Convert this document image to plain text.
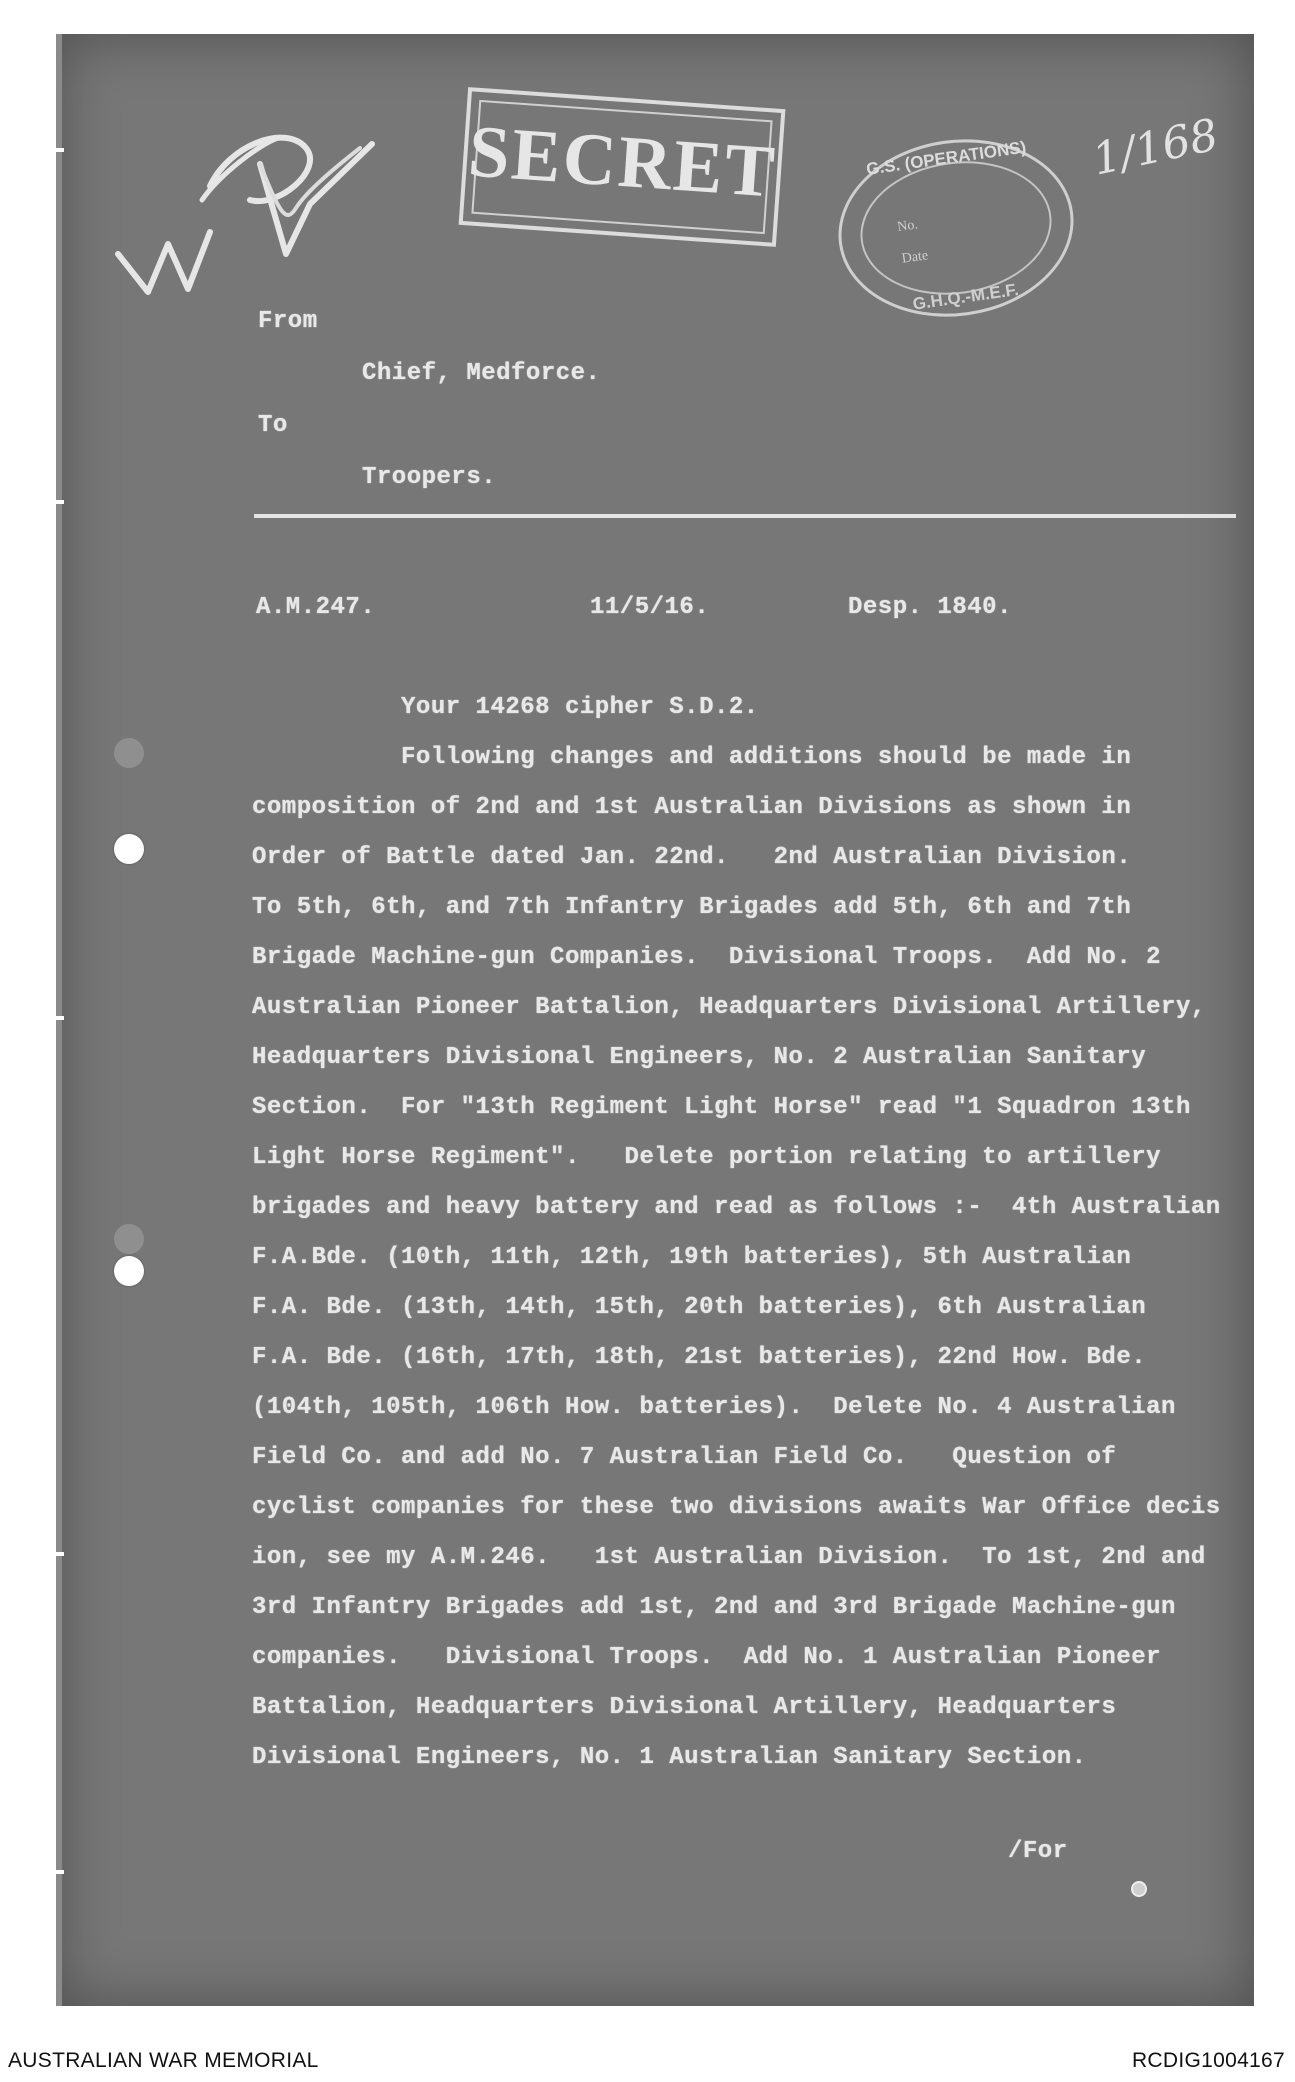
SECRET	G.S. (OPERATIONS)
No.
Date
G.H.Q.-M.E.F.
1/168
From
Chief, Medforce.
To
Troopers.
A.M.247.	11/5/16.	Desp. 1840.
Your 14268 cipher S.D.2.
Following changes and additions should be made in
composition of 2nd and 1st Australian Divisions as shown in
Order of Battle dated Jan. 22nd.   2nd Australian Division.
To 5th, 6th, and 7th Infantry Brigades add 5th, 6th and 7th
Brigade Machine-gun Companies.  Divisional Troops.  Add No. 2
Australian Pioneer Battalion, Headquarters Divisional Artillery,
Headquarters Divisional Engineers, No. 2 Australian Sanitary
Section.  For "13th Regiment Light Horse" read "1 Squadron 13th
Light Horse Regiment".   Delete portion relating to artillery
brigades and heavy battery and read as follows :-  4th Australian
F.A.Bde. (10th, 11th, 12th, 19th batteries), 5th Australian
F.A. Bde. (13th, 14th, 15th, 20th batteries), 6th Australian
F.A. Bde. (16th, 17th, 18th, 21st batteries), 22nd How. Bde.
(104th, 105th, 106th How. batteries).  Delete No. 4 Australian
Field Co. and add No. 7 Australian Field Co.   Question of
cyclist companies for these two divisions awaits War Office decis
ion, see my A.M.246.   1st Australian Division.  To 1st, 2nd and
3rd Infantry Brigades add 1st, 2nd and 3rd Brigade Machine-gun
companies.   Divisional Troops.  Add No. 1 Australian Pioneer
Battalion, Headquarters Divisional Artillery, Headquarters
Divisional Engineers, No. 1 Australian Sanitary Section.
/For
AUSTRALIAN WAR MEMORIAL	RCDIG1004167
